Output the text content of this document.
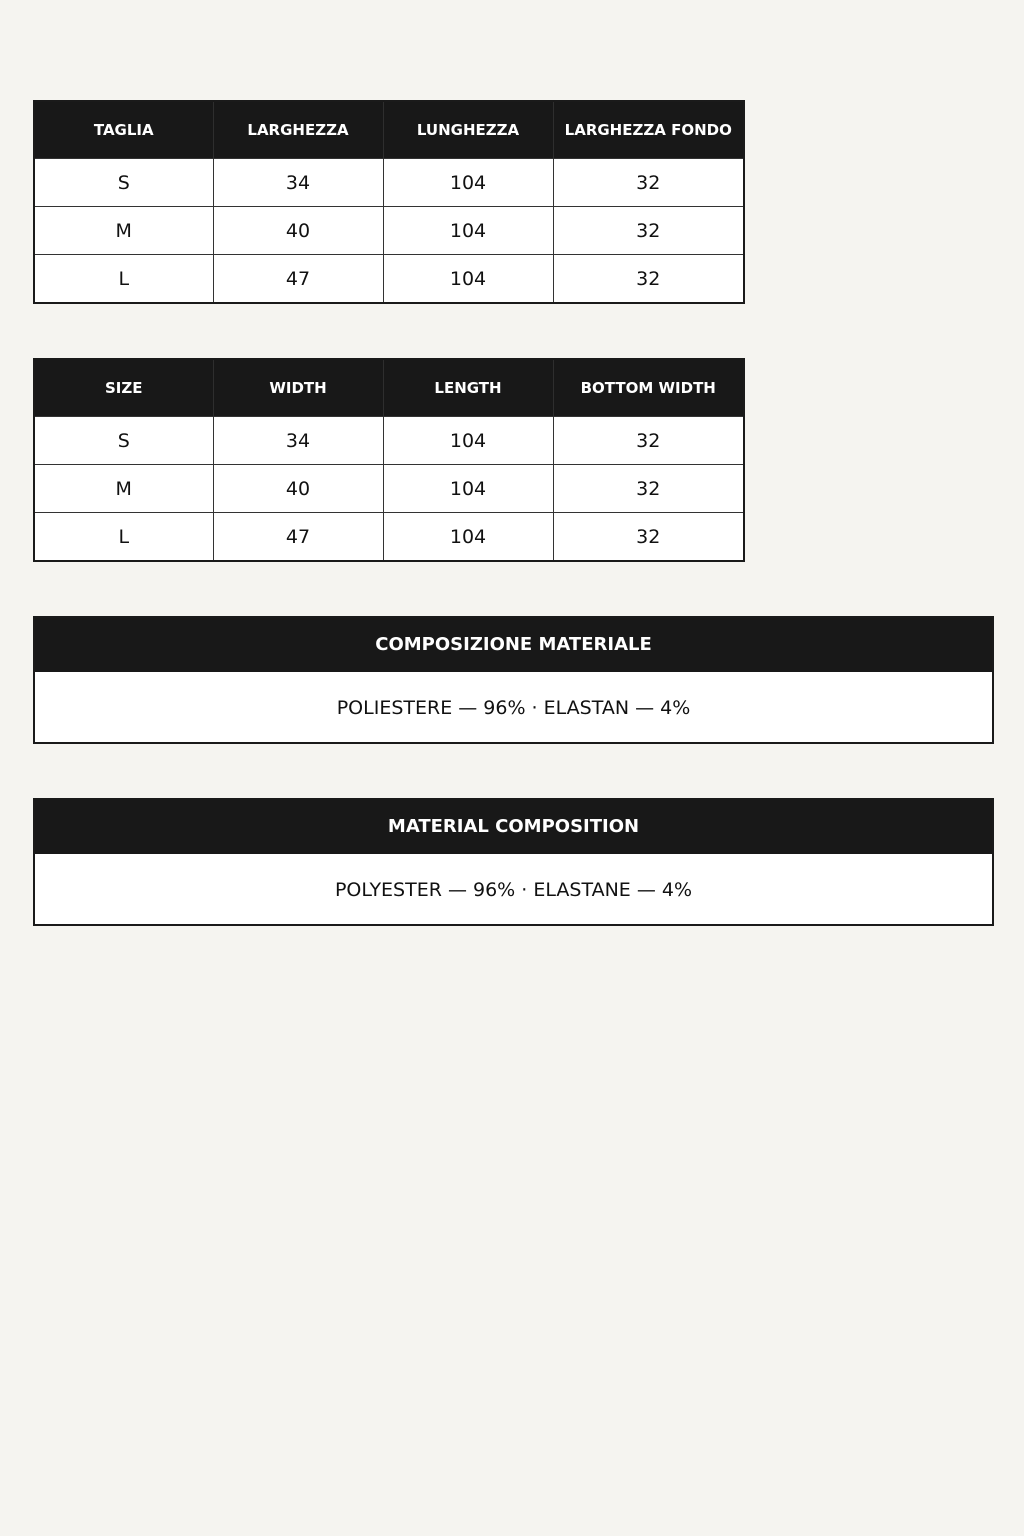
TAGLIA	LARGHEZZA	LUNGHEZZA	LARGHEZZA FONDO
S	34	104	32
M	40	104	32
L	47	104	32
SIZE	WIDTH	LENGTH	BOTTOM WIDTH
S	34	104	32
M	40	104	32
L	47	104	32
COMPOSIZIONE MATERIALE
POLIESTERE — 96% · ELASTAN — 4%
MATERIAL COMPOSITION
POLYESTER — 96% · ELASTANE — 4%
